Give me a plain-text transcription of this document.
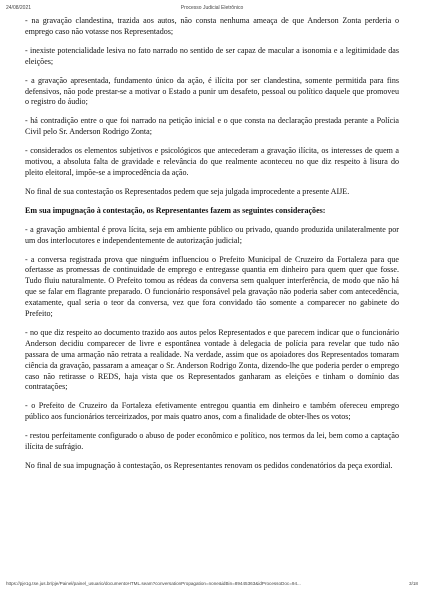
24/08/2021	Processo Judicial Eletrônico

- na gravação clandestina, trazida aos autos, não consta nenhuma ameaça de que Anderson Zonta perderia o emprego caso não votasse nos Representados;

- inexiste potencialidade lesiva no fato narrado no sentido de ser capaz de macular a isonomia e a legitimidade das eleições;

- a gravação apresentada, fundamento único da ação, é ilícita por ser clandestina, somente permitida para fins defensivos, não pode prestar-se a motivar o Estado a punir um desafeto, pessoal ou político daquele que promoveu o registro do áudio;

- há contradição entre o que foi narrado na petição inicial e o que consta na declaração prestada perante a Polícia Civil pelo Sr. Anderson Rodrigo Zonta;

- considerados os elementos subjetivos e psicológicos que antecederam a gravação ilícita, os interesses de quem a motivou, a absoluta falta de gravidade e relevância do que realmente aconteceu no que diz respeito à lisura do pleito eleitoral, impõe-se a improcedência da ação.

No final de sua contestação os Representados pedem que seja julgada improcedente a presente AIJE.

Em sua impugnação à contestação, os Representantes fazem as seguintes considerações:

- a gravação ambiental é prova lícita, seja em ambiente público ou privado, quando produzida unilateralmente por um dos interlocutores e independentemente de autorização judicial;

- a conversa registrada prova que ninguém influenciou o Prefeito Municipal de Cruzeiro da Fortaleza para que ofertasse as promessas de continuidade de emprego e entregasse quantia em dinheiro para quem quer que fosse. Tudo fluiu naturalmente. O Prefeito tomou as rédeas da conversa sem qualquer interferência, de modo que não há que se falar em flagrante preparado. O funcionário responsável pela gravação não poderia saber com antecedência, exatamente, qual seria o teor da conversa, vez que fora convidado tão somente a comparecer no gabinete do Prefeito;

- no que diz respeito ao documento trazido aos autos pelos Representados e que parecem indicar que o funcionário Anderson decidiu comparecer de livre e espontânea vontade à delegacia de polícia para revelar que tudo não passara de uma armação não retrata a realidade. Na verdade, assim que os apoiadores dos Representados tomaram ciência da gravação, passaram a ameaçar o Sr. Anderson Rodrigo Zonta, dizendo-lhe que poderia perder o emprego caso não retirasse o REDS, haja vista que os Representados ganharam as eleições e tinham o domínio das contratações;

- o Prefeito de Cruzeiro da Fortaleza efetivamente entregou quantia em dinheiro e também ofereceu emprego público aos funcionários terceirizados, por mais quatro anos, com a finalidade de obter-lhes os votos;

- restou perfeitamente configurado o abuso de poder econômico e político, nos termos da lei, bem como a captação ilícita de sufrágio.

No final de sua impugnação à contestação, os Representantes renovam os pedidos condenatórios da peça exordial.

https://pje1g.tse.jus.br/pje/Painel/painel_usuario/documentoHTML.seam?conversationPropagation=none&idBin=89445363&idProcessoDoc=94...	3/18
